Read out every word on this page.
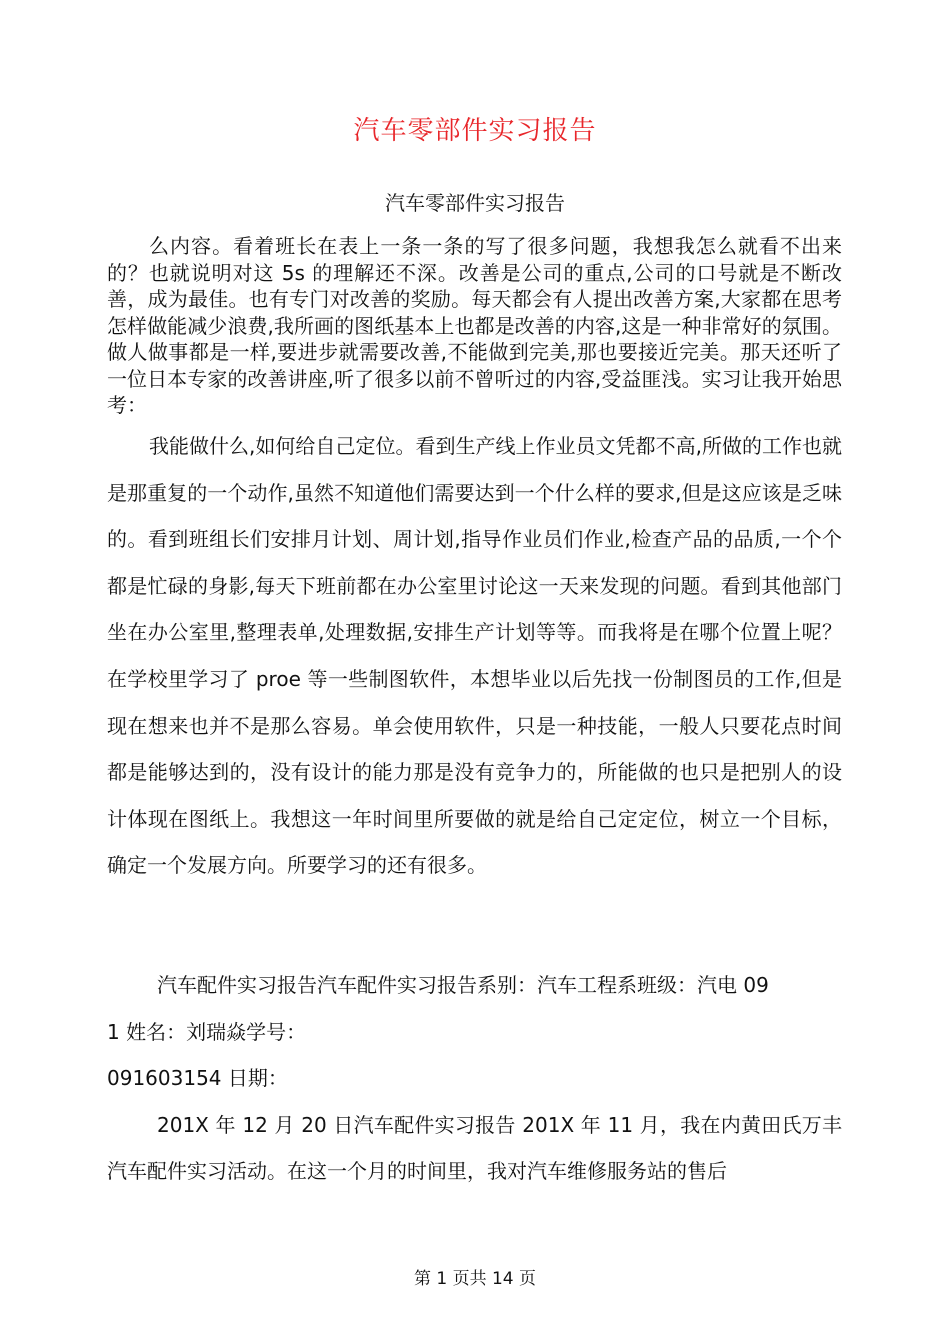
汽车零部件实习报告
汽车零部件实习报告

么内容。看着班长在表上一条一条的写了很多问题，我想我怎么就看不出来的？也就说明对这 5s 的理解还不深。改善是公司的重点,公司的口号就是不断改善，成为最佳。也有专门对改善的奖励。每天都会有人提出改善方案,大家都在思考怎样做能减少浪费,我所画的图纸基本上也都是改善的内容,这是一种非常好的氛围。做人做事都是一样,要进步就需要改善,不能做到完美,那也要接近完美。那天还听了一位日本专家的改善讲座,听了很多以前不曾听过的内容,受益匪浅。实习让我开始思考：

我能做什么,如何给自己定位。看到生产线上作业员文凭都不高,所做的工作也就是那重复的一个动作,虽然不知道他们需要达到一个什么样的要求,但是这应该是乏味的。看到班组长们安排月计划、周计划,指导作业员们作业,检查产品的品质,一个个都是忙碌的身影,每天下班前都在办公室里讨论这一天来发现的问题。看到其他部门坐在办公室里,整理表单,处理数据,安排生产计划等等。而我将是在哪个位置上呢？在学校里学习了 proe 等一些制图软件，本想毕业以后先找一份制图员的工作,但是现在想来也并不是那么容易。单会使用软件，只是一种技能，一般人只要花点时间都是能够达到的，没有设计的能力那是没有竞争力的，所能做的也只是把别人的设计体现在图纸上。我想这一年时间里所要做的就是给自己定定位，树立一个目标，确定一个发展方向。所要学习的还有很多。

汽车配件实习报告汽车配件实习报告系别：汽车工程系班级：汽电 09
1 姓名：刘瑞焱学号：
091603154 日期：
201X 年 12 月 20 日汽车配件实习报告 201X 年 11 月，我在内黄田氏万丰汽车配件实习活动。在这一个月的时间里，我对汽车维修服务站的售后
第 1 页共 14 页
